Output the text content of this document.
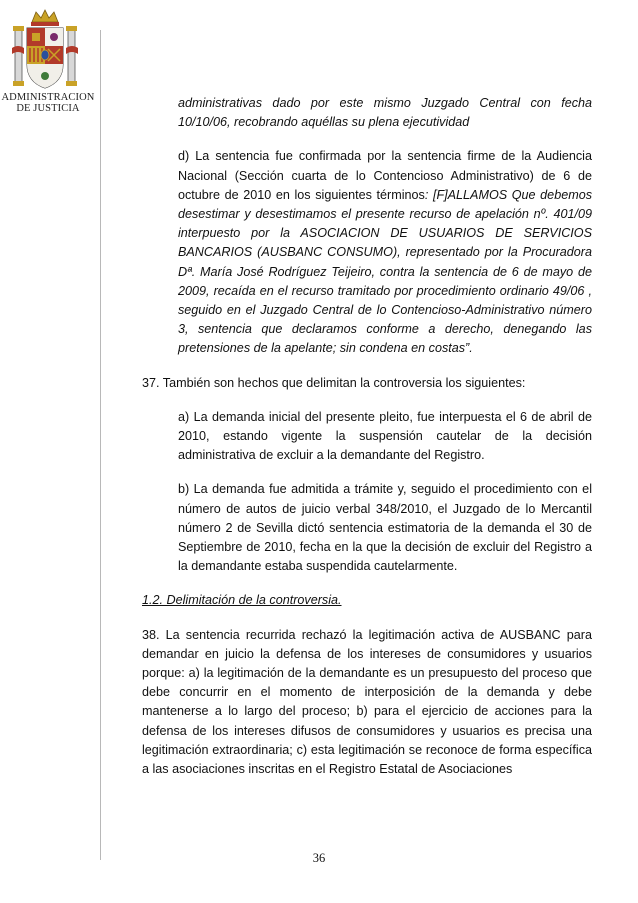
ADMINISTRACION
DE JUSTICIA	administrativas dado por este mismo Juzgado Central con fecha 10/10/06, recobrando aquéllas su plena ejecutividad

d) La sentencia fue confirmada por la sentencia firme de la Audiencia Nacional (Sección cuarta de lo Contencioso Administrativo) de 6 de octubre de 2010 en los siguientes términos: [F]ALLAMOS Que debemos desestimar y desestimamos el presente recurso de apelación nº. 401/09 interpuesto por la ASOCIACION DE USUARIOS DE SERVICIOS BANCARIOS (AUSBANC CONSUMO), representado por la Procuradora Dª. María José Rodríguez Teijeiro, contra la sentencia de 6 de mayo de 2009, recaída en el recurso tramitado por procedimiento ordinario 49/06 , seguido en el Juzgado Central de lo Contencioso-Administrativo número 3, sentencia que declaramos conforme a derecho, denegando las pretensiones de la apelante; sin condena en costas”.

37. También son hechos que delimitan la controversia los siguientes:

a) La demanda inicial del presente pleito, fue interpuesta el 6 de abril de 2010, estando vigente la suspensión cautelar de la decisión administrativa de excluir a la demandante del Registro.

b) La demanda fue admitida a trámite y, seguido el procedimiento con el número de autos de juicio verbal 348/2010, el Juzgado de lo Mercantil número 2 de Sevilla dictó sentencia estimatoria de la demanda el 30 de Septiembre de 2010, fecha en la que la decisión de excluir del Registro a la demandante estaba suspendida cautelarmente.

1.2. Delimitación de la controversia.

38. La sentencia recurrida rechazó la legitimación activa de AUSBANC para demandar en juicio la defensa de los intereses de consumidores y usuarios porque: a) la legitimación de la demandante es un presupuesto del proceso que debe concurrir en el momento de interposición de la demanda y debe mantenerse a lo largo del proceso; b) para el ejercicio de acciones para la defensa de los intereses difusos de consumidores y usuarios es precisa una legitimación extraordinaria; c) esta legitimación se reconoce de forma específica a las asociaciones inscritas en el Registro Estatal de Asociaciones

36
